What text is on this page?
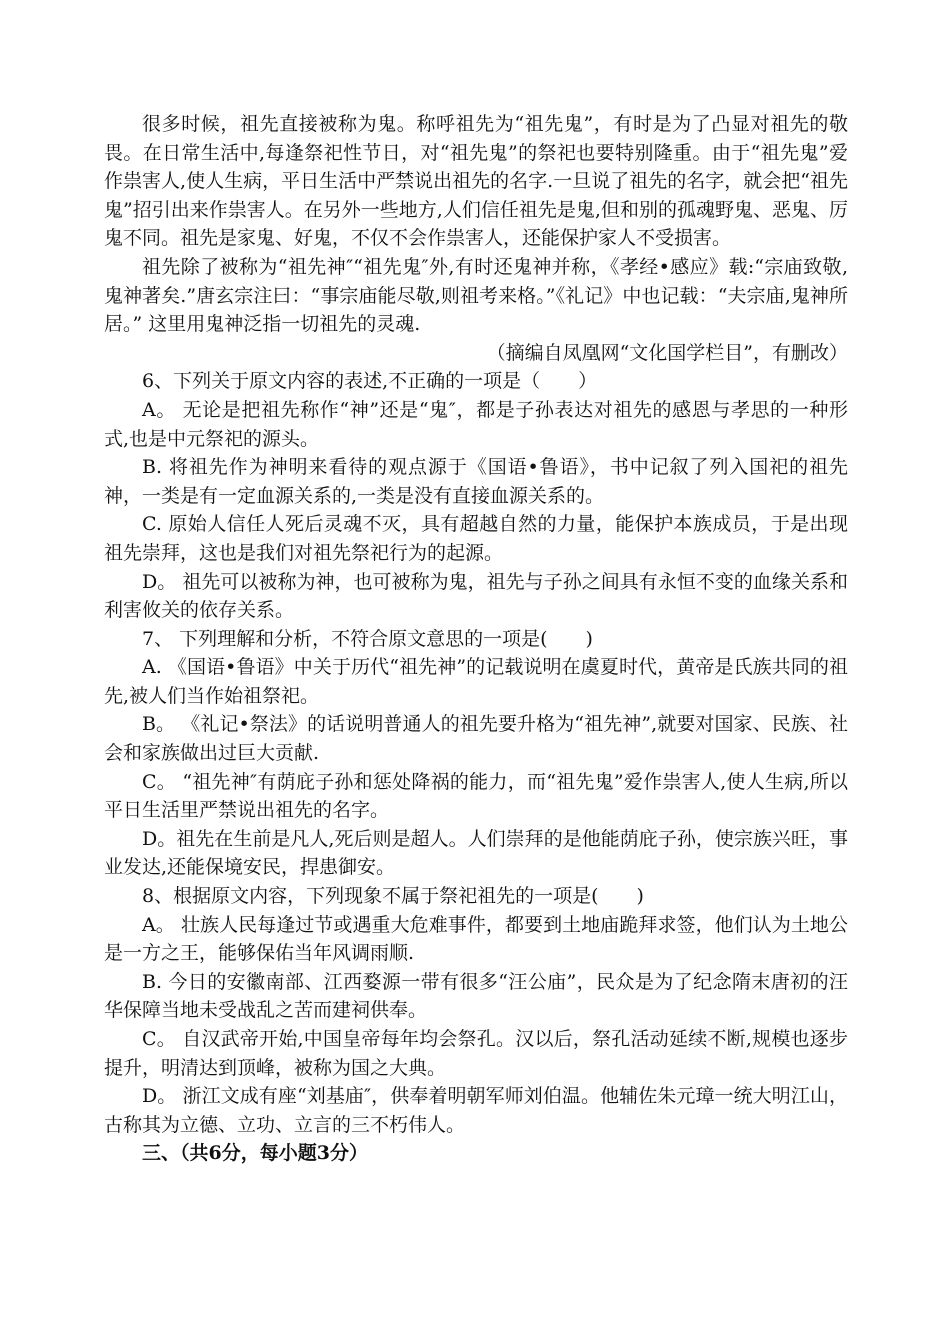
很多时候，祖先直接被称为鬼。称呼祖先为“祖先鬼”，有时是为了凸显对祖先的敬畏。在日常生活中,每逢祭祀性节日，对“祖先鬼”的祭祀也要特别隆重。由于“祖先鬼”爱作祟害人,使人生病，平日生活中严禁说出祖先的名字.一旦说了祖先的名字，就会把“祖先鬼”招引出来作祟害人。在另外一些地方,人们信任祖先是鬼,但和别的孤魂野鬼、恶鬼、厉鬼不同。祖先是家鬼、好鬼，不仅不会作祟害人，还能保护家人不受损害。

祖先除了被称为“祖先神″“祖先鬼″外,有时还鬼神并称，《孝经•感应》载:“宗庙致敬,鬼神著矣.”唐玄宗注曰：“事宗庙能尽敬,则祖考来格。”《礼记》中也记载：“夫宗庙,鬼神所居。” 这里用鬼神泛指一切祖先的灵魂.

（摘编自凤凰网“文化国学栏目”，有删改）

6、下列关于原文内容的表述,不正确的一项是（　　）

A。 无论是把祖先称作“神”还是“鬼″，都是子孙表达对祖先的感恩与孝思的一种形式,也是中元祭祀的源头。

B. 将祖先作为神明来看待的观点源于《国语•鲁语》，书中记叙了列入国祀的祖先神，一类是有一定血源关系的,一类是没有直接血源关系的。

C. 原始人信任人死后灵魂不灭，具有超越自然的力量，能保护本族成员，于是出现祖先崇拜，这也是我们对祖先祭祀行为的起源。

D。 祖先可以被称为神，也可被称为鬼，祖先与子孙之间具有永恒不变的血缘关系和利害攸关的依存关系。

7、 下列理解和分析，不符合原文意思的一项是(　　)

A. 《国语•鲁语》中关于历代“祖先神”的记载说明在虞夏时代，黄帝是氏族共同的祖先,被人们当作始祖祭祀。

B。 《礼记•祭法》的话说明普通人的祖先要升格为“祖先神”,就要对国家、民族、社会和家族做出过巨大贡献.

C。 “祖先神″有荫庇子孙和惩处降祸的能力，而“祖先鬼”爱作祟害人,使人生病,所以平日生活里严禁说出祖先的名字。

D。祖先在生前是凡人,死后则是超人。人们崇拜的是他能荫庇子孙，使宗族兴旺，事业发达,还能保境安民，捍患御安。

8、根据原文内容，下列现象不属于祭祀祖先的一项是(　　)

A。 壮族人民每逢过节或遇重大危难事件，都要到土地庙跪拜求签，他们认为土地公是一方之王，能够保佑当年风调雨顺.

B. 今日的安徽南部、江西婺源一带有很多“汪公庙”，民众是为了纪念隋末唐初的汪华保障当地未受战乱之苦而建祠供奉。

C。 自汉武帝开始,中国皇帝每年均会祭孔。汉以后，祭孔活动延续不断,规模也逐步提升，明清达到顶峰，被称为国之大典。

D。 浙江文成有座“刘基庙″，供奉着明朝军师刘伯温。他辅佐朱元璋一统大明江山，古称其为立德、立功、立言的三不朽伟人。

三、（共6分，每小题3分）
